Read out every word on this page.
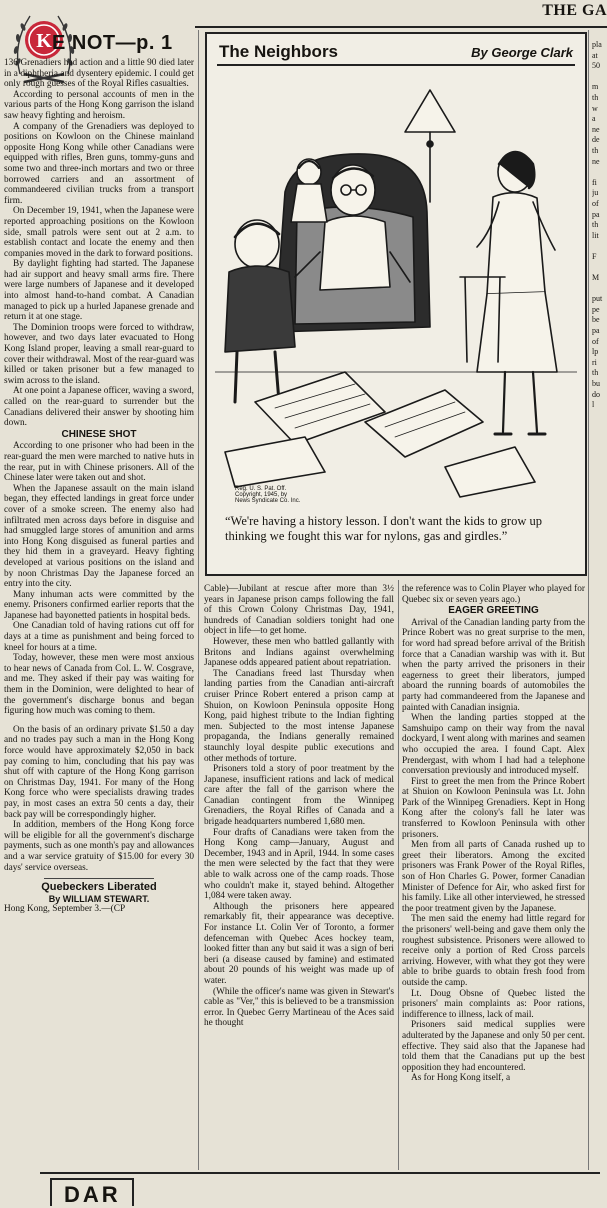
THE GA
K E NOT—p. 1

136 Grenadiers had action and a little 90 died later in a diphtheria and dysentery epidemic. I could get only rough guesses of the Royal Rifles casualties.

According to personal accounts of men in the various parts of the Hong Kong garrison the island saw heavy fighting and heroism.

A company of the Grenadiers was deployed to positions on Kowloon on the Chinese mainland opposite Hong Kong while other Canadians were equipped with rifles, Bren guns, tommy-guns and some two and three-inch mortars and two or three borrowed carriers and an assortment of commandeered civilian trucks from a transport firm.

On December 19, 1941, when the Japanese were reported approaching positions on the Kowloon side, small patrols were sent out at 2 a.m. to establish contact and locate the enemy and then companies moved in the dark to forward positions.

By daylight fighting had started. The Japanese had air support and heavy small arms fire. There were large numbers of Japanese and it developed into almost hand-to-hand combat. A Canadian managed to pick up a hurled Japanese grenade and return it at one stage.

The Dominion troops were forced to withdraw, however, and two days later evacuated to Hong Kong Island proper, leaving a small rear-guard to cover their withdrawal. Most of the rear-guard was killed or taken prisoner but a few managed to swim across to the island.

At one point a Japanese officer, waving a sword, called on the rear-guard to surrender but the Canadians delivered their answer by shooting him down.

CHINESE SHOT

According to one prisoner who had been in the rear-guard the men were marched to native huts in the rear, put in with Chinese prisoners. All of the Chinese later were taken out and shot.

When the Japanese assault on the main island began, they effected landings in great force under cover of a smoke screen. The enemy also had infiltrated men across days before in disguise and had smuggled large stores of amunition and arms into Hong Kong disguised as funeral parties and they hid them in a graveyard. Heavy fighting developed at various positions on the island and by noon Christmas Day the Japanese forced an entry into the city.

Many inhuman acts were committed by the enemy. Prisoners confirmed earlier reports that the Japanese had bayonetted patients in hospital beds.

One Canadian told of having rations cut off for days at a time as punishment and being forced to kneel for hours at a time.

Today, however, these men were most anxious to hear news of Canada from Col. L. W. Cosgrave, and me. They asked if their pay was waiting for them in the Dominion, were delighted to hear of the government's discharge bonus and began figuring how much was coming to them.

On the basis of an ordinary private $1.50 a day and no trades pay such a man in the Hong Kong force would have approximately $2,050 in back pay coming to him, concluding that his pay was shut off with capture of the Hong Kong garrison on Christmas Day, 1941. For many of the Hong Kong force who were specialists drawing trades pay, in most cases an extra 50 cents a day, their back pay will be correspondingly higher.

In addition, members of the Hong Kong force will be eligible for all the government's discharge payments, such as one month's pay and allowances and a war service gratuity of $15.00 for every 30 days' service overseas.

Quebeckers Liberated

By WILLIAM STEWART.

Hong Kong, September 3.—(CP

The Neighbors	By George Clark
Reg. U. S. Pat. Off.
Copyright, 1945, by
News Syndicate Co. Inc.
“We're having a history lesson. I don't want the kids to grow up thinking we fought this war for nylons, gas and girdles.”

Cable)—Jubilant at rescue after more than 3½ years in Japanese prison camps following the fall of this Crown Colony Christmas Day, 1941, hundreds of Canadian soldiers tonight had one object in life—to get home.

However, these men who battled gallantly with Britons and Indians against overwhelming Japanese odds appeared patient about repatriation.

The Canadians freed last Thursday when landing parties from the Canadian anti-aircraft cruiser Prince Robert entered a prison camp at Shuion, on Kowloon Peninsula opposite Hong Kong, paid highest tribute to the Indian fighting men. Subjected to the most intense Japanese propaganda, the Indians generally remained staunchly loyal despite public executions and other methods of torture.

Prisoners told a story of poor treatment by the Japanese, insufficient rations and lack of medical care after the fall of the garrison where the Canadian contingent from the Winnipeg Grenadiers, the Royal Rifles of Canada and a brigade headquarters numbered 1,680 men.

Four drafts of Canadians were taken from the Hong Kong camp—January, August and December, 1943 and in April, 1944. In some cases the men were selected by the fact that they were able to walk across one of the camp roads. Those who couldn't make it, stayed behind. Altogether 1,084 were taken away.

Although the prisoners here appeared remarkably fit, their appearance was deceptive. For instance Lt. Colin Ver of Toronto, a former defenceman with Quebec Aces hockey team, looked fitter than any but said it was a sign of beri beri (a disease caused by famine) and estimated about 20 pounds of his weight was made up of water.

(While the officer's name was given in Stewart's cable as "Ver," this is believed to be a transmission error. In Quebec Gerry Martineau of the Aces said he thought

the reference was to Colin Player who played for Quebec six or seven years ago.)

EAGER GREETING

Arrival of the Canadian landing party from the Prince Robert was no great surprise to the men, for word had spread before arrival of the British force that a Canadian warship was with it. But when the party arrived the prisoners in their eagerness to greet their liberators, jumped aboard the running boards of automobiles the party had commandeered from the Japanese and painted with Canadian insignia.

When the landing parties stopped at the Samshuipo camp on their way from the naval dockyard, I went along with marines and seamen who occupied the area. I found Capt. Alex Prendergast, with whom I had had a telephone conversation previously and introduced myself.

First to greet the men from the Prince Robert at Shuion on Kowloon Peninsula was Lt. John Park of the Winnipeg Grenadiers. Kept in Hong Kong after the colony's fall he later was transferred to Kowloon Peninsula with other prisoners.

Men from all parts of Canada rushed up to greet their liberators. Among the excited prisoners was Frank Power of the Royal Rifles, son of Hon Charles G. Power, former Canadian Minister of Defence for Air, who asked first for his family. Like all other interviewed, he stressed the poor treatment given by the Japanese.

The men said the enemy had little regard for the prisoners' well-being and gave them only the roughest subsistence. Prisoners were allowed to receive only a portion of Red Cross parcels arriving. However, with what they got they were able to bribe guards to obtain fresh food from outside the camp.

Lt. Doug Obsne of Quebec listed the prisoners' main complaints as: Poor rations, indifference to illness, lack of mail.

Prisoners said medical supplies were adulterated by the Japanese and only 50 per cent. effective. They said also that the Japanese had told them that the Canadians put up the best opposition they had encountered.

As for Hong Kong itself, a

pla
at
50

m
th
w
a
ne
de
th
ne

fi
ju
of
pa
th
lit

F

M

put
pe
be
pa
of
lp
ri
th
bu
do
l
DAR
